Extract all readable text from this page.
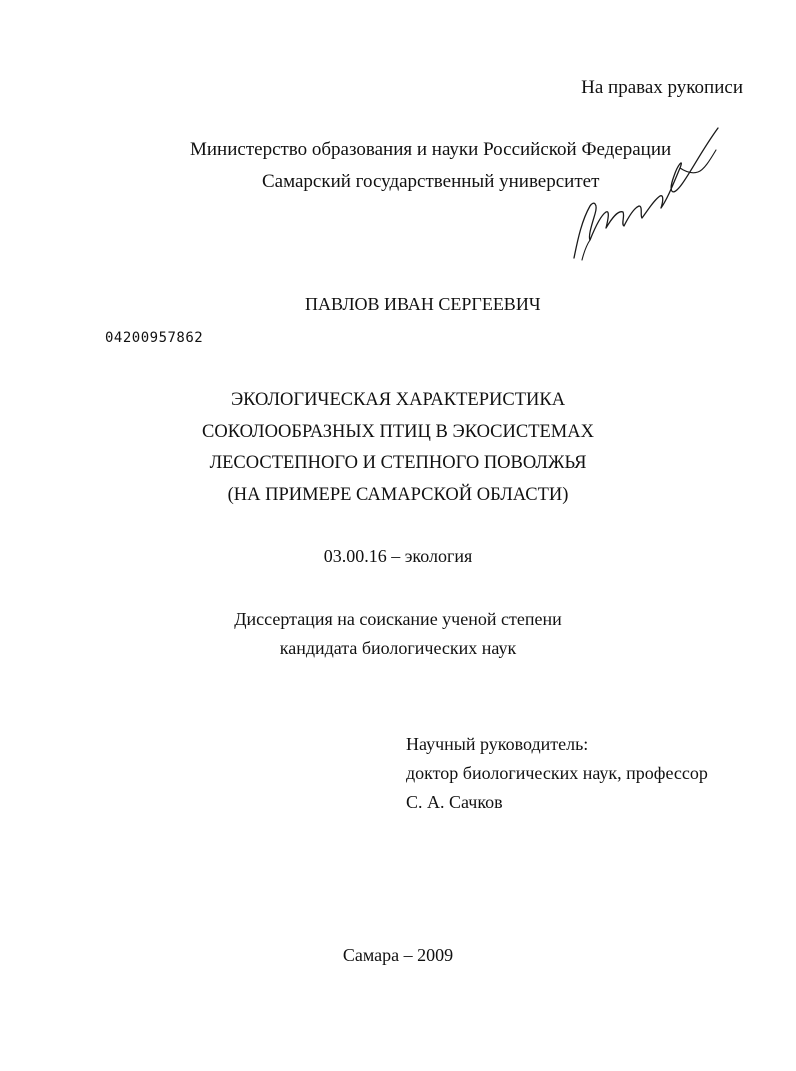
На правах рукописи
Министерство образования и науки Российской Федерации
Самарский государственный университет
ПАВЛОВ ИВАН СЕРГЕЕВИЧ
04200957862
ЭКОЛОГИЧЕСКАЯ ХАРАКТЕРИСТИКА
СОКОЛООБРАЗНЫХ ПТИЦ В ЭКОСИСТЕМАХ
ЛЕСОСТЕПНОГО И СТЕПНОГО ПОВОЛЖЬЯ
(НА ПРИМЕРЕ САМАРСКОЙ ОБЛАСТИ)
03.00.16 – экология
Диссертация на соискание ученой степени
кандидата биологических наук
Научный руководитель:
доктор биологических наук, профессор
С. А. Сачков
Самара – 2009
